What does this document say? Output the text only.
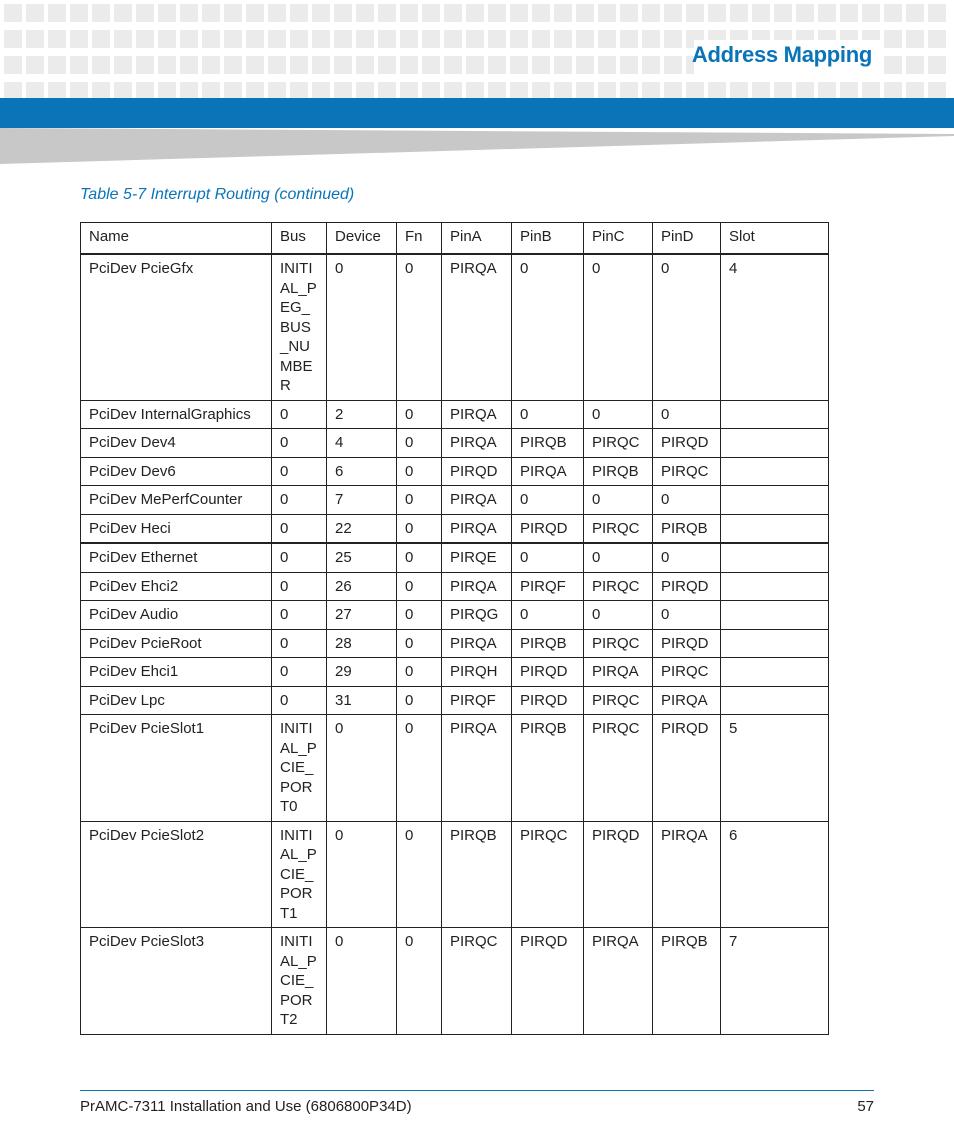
Address Mapping
Table 5-7 Interrupt Routing (continued)
Name	Bus	Device	Fn	PinA	PinB	PinC	PinD	Slot
PciDev PcieGfx	INITIAL_PEG_BUS_NUMBER	0	0	PIRQA	0	0	0	4
PciDev InternalGraphics	0	2	0	PIRQA	0	0	0	
PciDev Dev4	0	4	0	PIRQA	PIRQB	PIRQC	PIRQD	
PciDev Dev6	0	6	0	PIRQD	PIRQA	PIRQB	PIRQC	
PciDev MePerfCounter	0	7	0	PIRQA	0	0	0	
PciDev Heci	0	22	0	PIRQA	PIRQD	PIRQC	PIRQB	
PciDev Ethernet	0	25	0	PIRQE	0	0	0	
PciDev Ehci2	0	26	0	PIRQA	PIRQF	PIRQC	PIRQD	
PciDev Audio	0	27	0	PIRQG	0	0	0	
PciDev PcieRoot	0	28	0	PIRQA	PIRQB	PIRQC	PIRQD	
PciDev Ehci1	0	29	0	PIRQH	PIRQD	PIRQA	PIRQC	
PciDev Lpc	0	31	0	PIRQF	PIRQD	PIRQC	PIRQA	
PciDev PcieSlot1	INITIAL_PCIE_PORT0	0	0	PIRQA	PIRQB	PIRQC	PIRQD	5
PciDev PcieSlot2	INITIAL_PCIE_PORT1	0	0	PIRQB	PIRQC	PIRQD	PIRQA	6
PciDev PcieSlot3	INITIAL_PCIE_PORT2	0	0	PIRQC	PIRQD	PIRQA	PIRQB	7
PrAMC-7311 Installation and Use (6806800P34D)	57
